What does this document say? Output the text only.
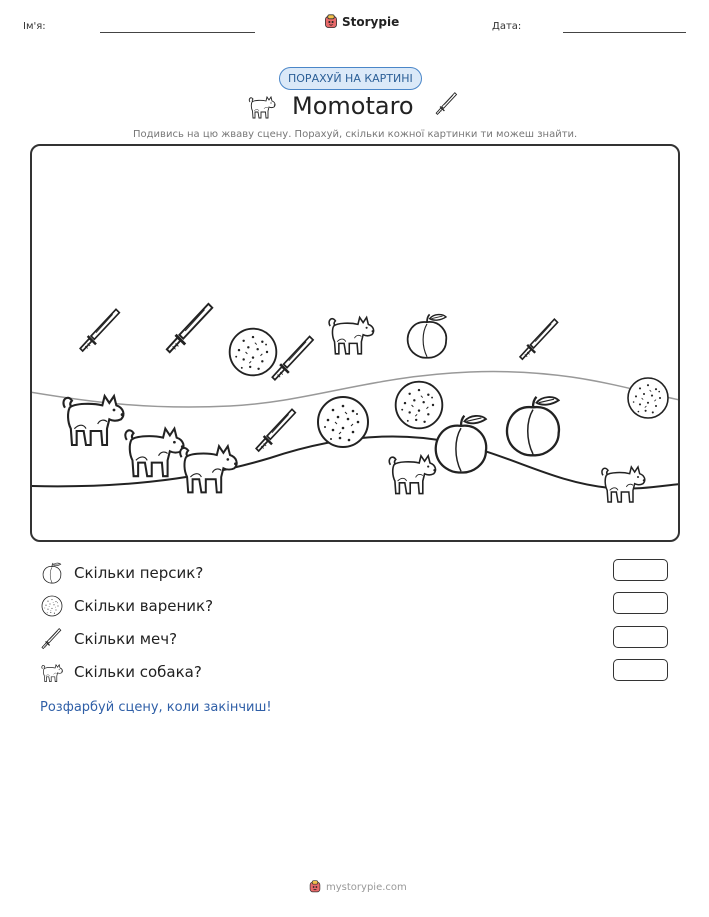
Ім'я:	Storypie	Дата:
ПОРАХУЙ НА КАРТИНІ
Momotaro
Подивись на цю жваву сцену. Порахуй, скільки кожної картинки ти можеш знайти.
Скільки персик?
Скільки вареник?
Скільки меч?
Скільки собака?
Розфарбуй сцену, коли закінчиш!
mystorypie.com
